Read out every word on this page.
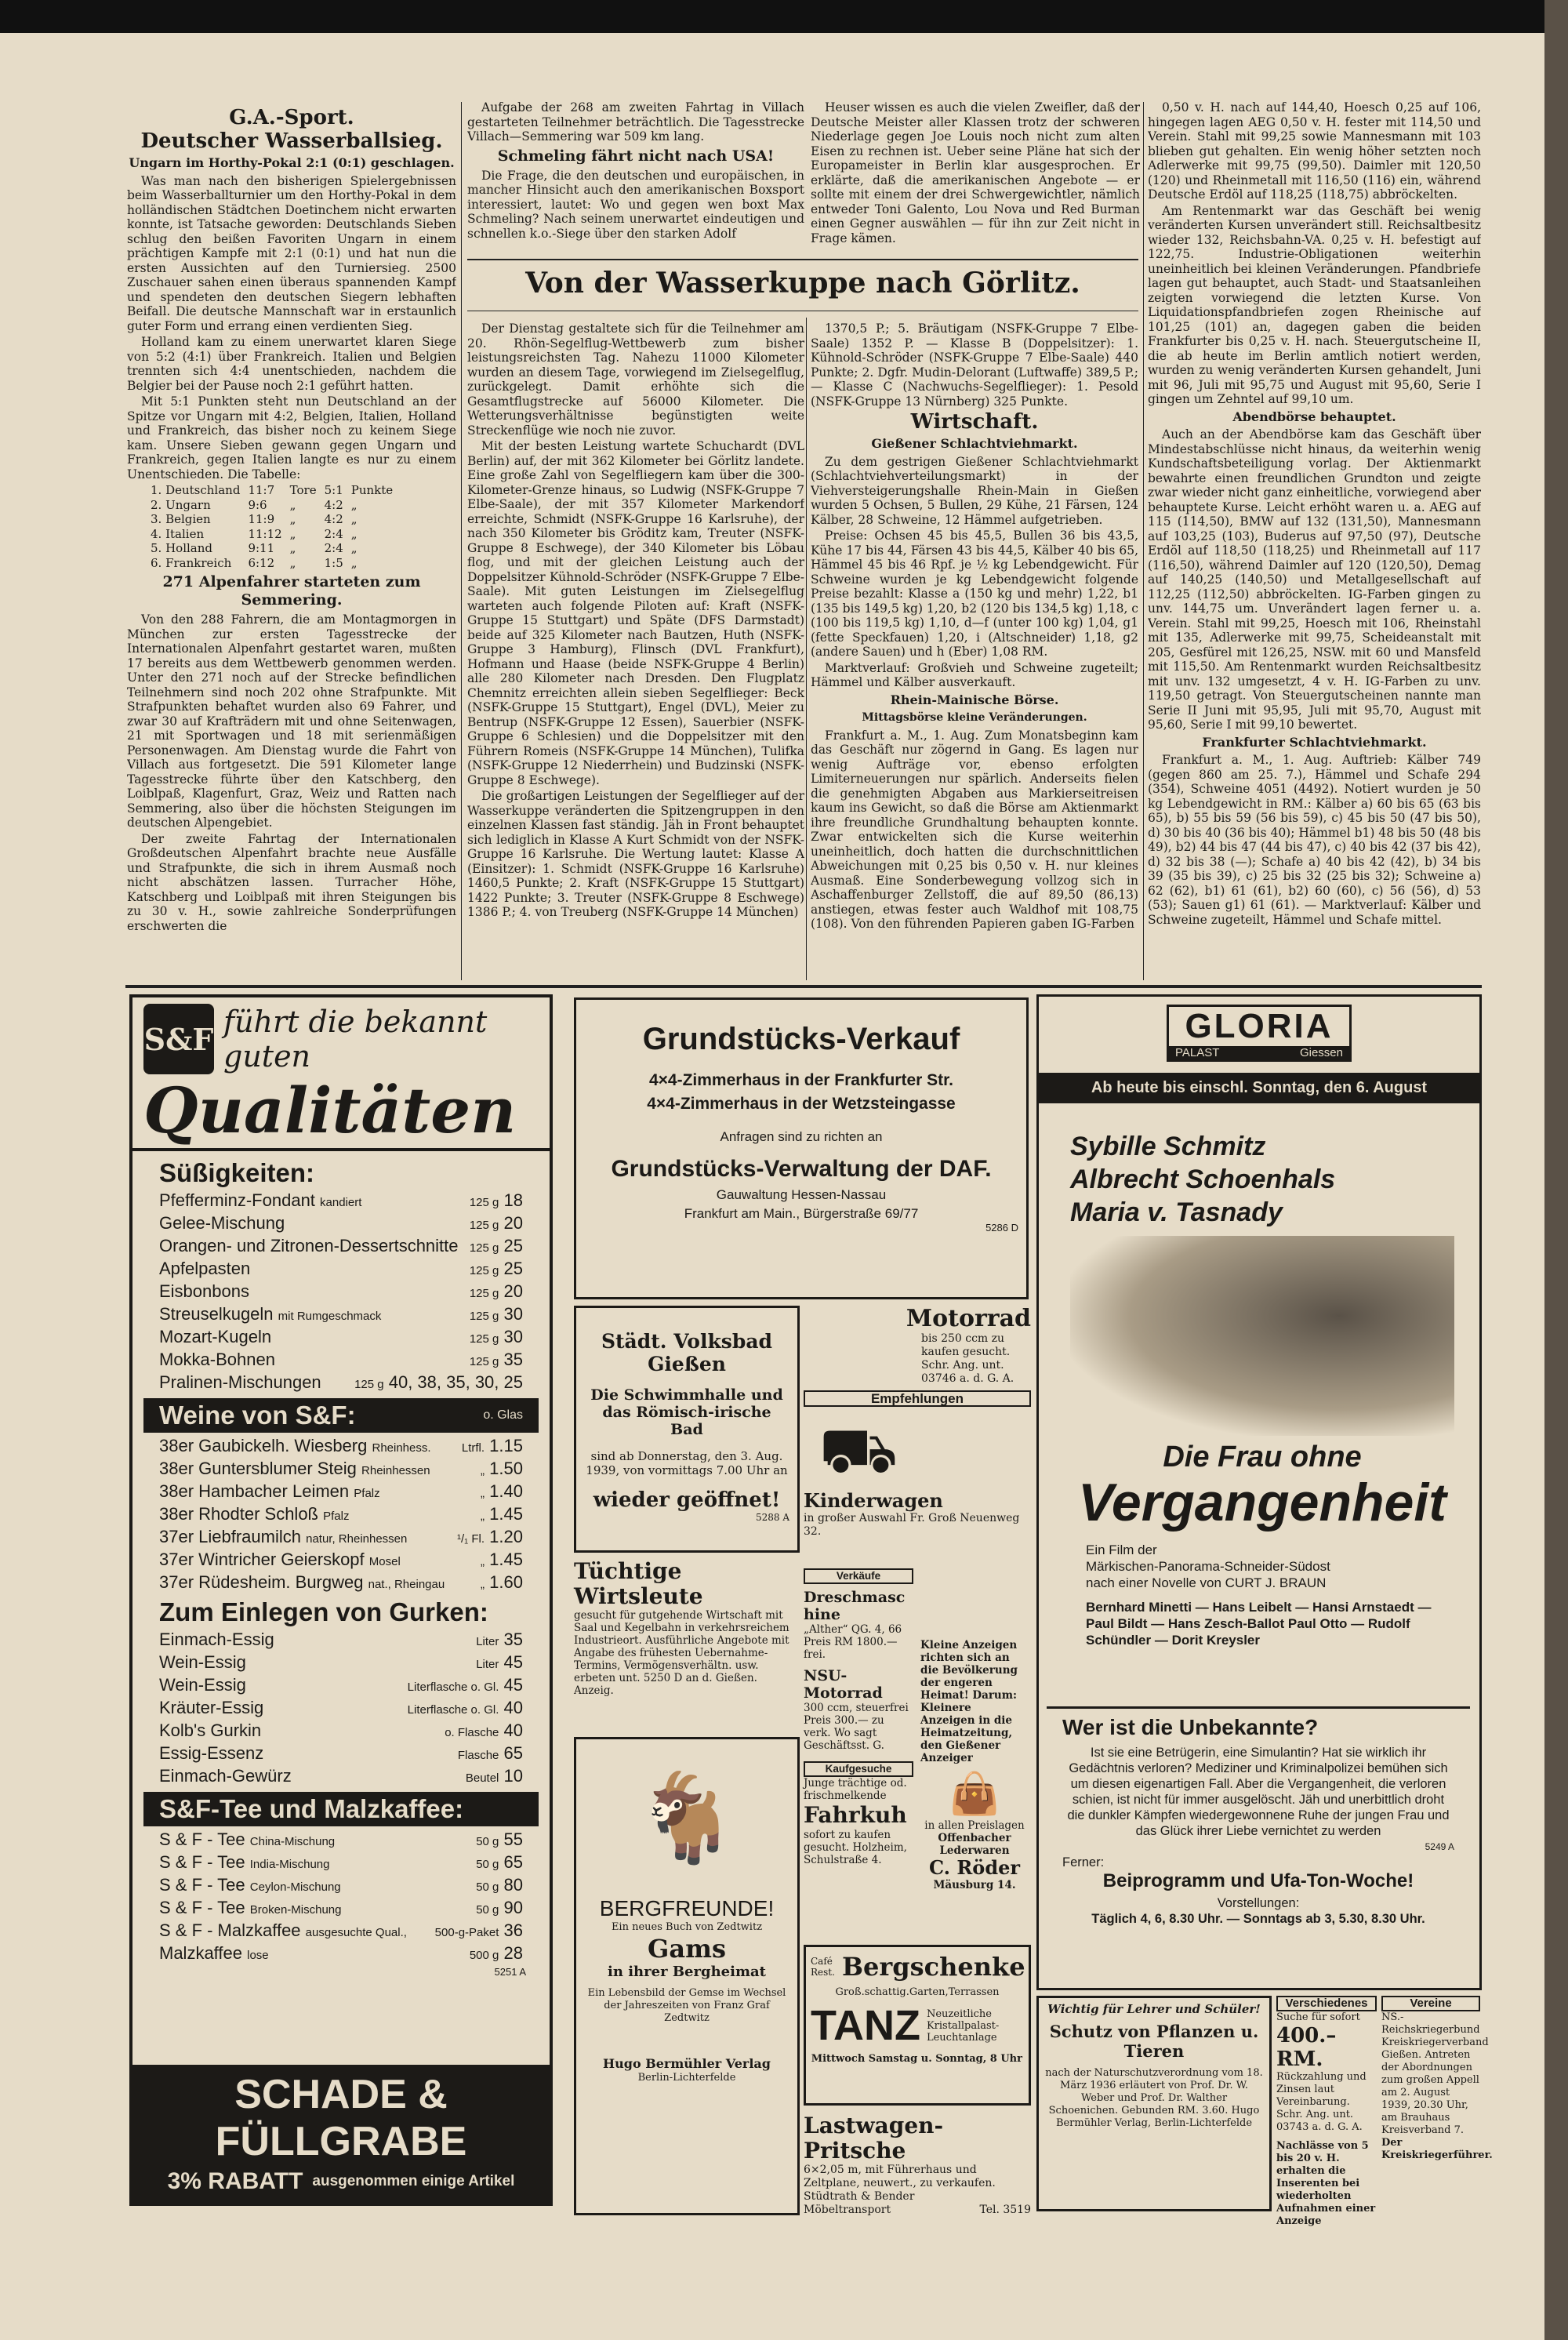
G.A.-Sport.
Deutscher Wasserballsieg.
Ungarn im Horthy-Pokal 2:1 (0:1) geschlagen.

Was man nach den bisherigen Spielergebnissen beim Wasserballturnier um den Horthy-Pokal in dem holländischen Städtchen Doetinchem nicht erwarten konnte, ist Tatsache geworden: Deutschlands Sieben schlug den beißen Favoriten Ungarn in einem prächtigen Kampfe mit 2:1 (0:1) und hat nun die ersten Aussichten auf den Turniersieg. 2500 Zuschauer sahen einen überaus spannenden Kampf und spendeten den deutschen Siegern lebhaften Beifall. Die deutsche Mannschaft war in erstaunlich guter Form und errang einen verdienten Sieg.

Holland kam zu einem unerwartet klaren Siege von 5:2 (4:1) über Frankreich. Italien und Belgien trennten sich 4:4 unentschieden, nachdem die Belgier bei der Pause noch 2:1 geführt hatten.

Mit 5:1 Punkten steht nun Deutschland an der Spitze vor Ungarn mit 4:2, Belgien, Italien, Holland und Frankreich, das bisher noch zu keinem Siege kam. Unsere Sieben gewann gegen Ungarn und Frankreich, gegen Italien langte es nur zu einem Unentschieden. Die Tabelle:

1. Deutschland	11:7	Tore	5:1	Punkte
2. Ungarn	9:6	„	4:2	„
3. Belgien	11:9	„	4:2	„
4. Italien	11:12	„	2:4	„
5. Holland	9:11	„	2:4	„
6. Frankreich	6:12	„	1:5	„
271 Alpenfahrer starteten zum Semmering.

Von den 288 Fahrern, die am Montagmorgen in München zur ersten Tagesstrecke der Internationalen Alpenfahrt gestartet waren, mußten 17 bereits aus dem Wettbewerb genommen werden. Unter den 271 noch auf der Strecke befindlichen Teilnehmern sind noch 202 ohne Strafpunkte. Mit Strafpunkten behaftet wurden also 69 Fahrer, und zwar 30 auf Krafträdern mit und ohne Seitenwagen, 21 mit Sportwagen und 18 mit serienmäßigen Personenwagen. Am Dienstag wurde die Fahrt von Villach aus fortgesetzt. Die 591 Kilometer lange Tagesstrecke führte über den Katschberg, den Loiblpaß, Klagenfurt, Graz, Weiz und Ratten nach Semmering, also über die höchsten Steigungen im deutschen Alpengebiet.

Der zweite Fahrtag der Internationalen Großdeutschen Alpenfahrt brachte neue Ausfälle und Strafpunkte, die sich in ihrem Ausmaß noch nicht abschätzen lassen. Turracher Höhe, Katschberg und Loiblpaß mit ihren Steigungen bis zu 30 v. H., sowie zahlreiche Sonderprüfungen erschwerten die

Aufgabe der 268 am zweiten Fahrtag in Villach gestarteten Teilnehmer beträchtlich. Die Tagesstrecke Villach—Semmering war 509 km lang.

Schmeling fährt nicht nach USA!

Die Frage, die den deutschen und europäischen, in mancher Hinsicht auch den amerikanischen Boxsport interessiert, lautet: Wo und gegen wen boxt Max Schmeling? Nach seinem unerwartet eindeutigen und schnellen k.o.-Siege über den starken Adolf

Heuser wissen es auch die vielen Zweifler, daß der Deutsche Meister aller Klassen trotz der schweren Niederlage gegen Joe Louis noch nicht zum alten Eisen zu rechnen ist. Ueber seine Pläne hat sich der Europameister in Berlin klar ausgesprochen. Er erklärte, daß die amerikanischen Angebote — er sollte mit einem der drei Schwergewichtler, nämlich entweder Toni Galento, Lou Nova und Red Burman einen Gegner auswählen — für ihn zur Zeit nicht in Frage kämen.

Von der Wasserkuppe nach Görlitz.

Der Dienstag gestaltete sich für die Teilnehmer am 20. Rhön-Segelflug-Wettbewerb zum bisher leistungsreichsten Tag. Nahezu 11000 Kilometer wurden an diesem Tage, vorwiegend im Zielsegelflug, zurückgelegt. Damit erhöhte sich die Gesamtflugstrecke auf 56000 Kilometer. Die Wetterungsverhältnisse begünstigten weite Streckenflüge wie noch nie zuvor.

Mit der besten Leistung wartete Schuchardt (DVL Berlin) auf, der mit 362 Kilometer bei Görlitz landete. Eine große Zahl von Segelfliegern kam über die 300-Kilometer-Grenze hinaus, so Ludwig (NSFK-Gruppe 7 Elbe-Saale), der mit 357 Kilometer Markendorf erreichte, Schmidt (NSFK-Gruppe 16 Karlsruhe), der nach 350 Kilometer bis Gröditz kam, Treuter (NSFK-Gruppe 8 Eschwege), der 340 Kilometer bis Löbau flog, und mit der gleichen Leistung auch der Doppelsitzer Kühnold-Schröder (NSFK-Gruppe 7 Elbe-Saale). Mit guten Leistungen im Zielsegelflug warteten auch folgende Piloten auf: Kraft (NSFK-Gruppe 15 Stuttgart) und Späte (DFS Darmstadt) beide auf 325 Kilometer nach Bautzen, Huth (NSFK-Gruppe 3 Hamburg), Flinsch (DVL Frankfurt), Hofmann und Haase (beide NSFK-Gruppe 4 Berlin) alle 280 Kilometer nach Dresden. Den Flugplatz Chemnitz erreichten allein sieben Segelflieger: Beck (NSFK-Gruppe 15 Stuttgart), Engel (DVL), Meier zu Bentrup (NSFK-Gruppe 12 Essen), Sauerbier (NSFK-Gruppe 6 Schlesien) und die Doppelsitzer mit den Führern Romeis (NSFK-Gruppe 14 München), Tulifka (NSFK-Gruppe 12 Niederrhein) und Budzinski (NSFK-Gruppe 8 Eschwege).

Die großartigen Leistungen der Segelflieger auf der Wasserkuppe veränderten die Spitzengruppen in den einzelnen Klassen fast ständig. Jäh in Front behauptet sich lediglich in Klasse A Kurt Schmidt von der NSFK-Gruppe 16 Karlsruhe. Die Wertung lautet: Klasse A (Einsitzer): 1. Schmidt (NSFK-Gruppe 16 Karlsruhe) 1460,5 Punkte; 2. Kraft (NSFK-Gruppe 15 Stuttgart) 1422 Punkte; 3. Treuter (NSFK-Gruppe 8 Eschwege) 1386 P.; 4. von Treuberg (NSFK-Gruppe 14 München)

1370,5 P.; 5. Bräutigam (NSFK-Gruppe 7 Elbe-Saale) 1352 P. — Klasse B (Doppelsitzer): 1. Kühnold-Schröder (NSFK-Gruppe 7 Elbe-Saale) 440 Punkte; 2. Dgfr. Mudin-Delorant (Luftwaffe) 389,5 P.; — Klasse C (Nachwuchs-Segelflieger): 1. Pesold (NSFK-Gruppe 13 Nürnberg) 325 Punkte.

Wirtschaft.
Gießener Schlachtviehmarkt.

Zu dem gestrigen Gießener Schlachtviehmarkt (Schlachtviehverteilungsmarkt) in der Viehversteigerungshalle Rhein-Main in Gießen wurden 5 Ochsen, 5 Bullen, 29 Kühe, 21 Färsen, 124 Kälber, 28 Schweine, 12 Hämmel aufgetrieben.

Preise: Ochsen 45 bis 45,5, Bullen 36 bis 43,5, Kühe 17 bis 44, Färsen 43 bis 44,5, Kälber 40 bis 65, Hämmel 45 bis 46 Rpf. je ½ kg Lebendgewicht. Für Schweine wurden je kg Lebendgewicht folgende Preise bezahlt: Klasse a (150 kg und mehr) 1,22, b1 (135 bis 149,5 kg) 1,20, b2 (120 bis 134,5 kg) 1,18, c (100 bis 119,5 kg) 1,10, d—f (unter 100 kg) 1,04, g1 (fette Speckfauen) 1,20, i (Altschneider) 1,18, g2 (andere Sauen) und h (Eber) 1,08 RM.

Marktverlauf: Großvieh und Schweine zugeteilt; Hämmel und Kälber ausverkauft.

Rhein-Mainische Börse.
Mittagsbörse kleine Veränderungen.

Frankfurt a. M., 1. Aug. Zum Monatsbeginn kam das Geschäft nur zögernd in Gang. Es lagen nur wenig Aufträge vor, ebenso erfolgten Limiterneuerungen nur spärlich. Anderseits fielen die genehmigten Abgaben aus Markierseitreisen kaum ins Gewicht, so daß die Börse am Aktienmarkt ihre freundliche Grundhaltung behaupten konnte. Zwar entwickelten sich die Kurse weiterhin uneinheitlich, doch hatten die durchschnittlichen Abweichungen mit 0,25 bis 0,50 v. H. nur kleines Ausmaß. Eine Sonderbewegung vollzog sich in Aschaffenburger Zellstoff, die auf 89,50 (86,13) anstiegen, etwas fester auch Waldhof mit 108,75 (108). Von den führenden Papieren gaben IG-Farben

0,50 v. H. nach auf 144,40, Hoesch 0,25 auf 106, hingegen lagen AEG 0,50 v. H. fester mit 114,50 und Verein. Stahl mit 99,25 sowie Mannesmann mit 103 blieben gut gehalten. Ein wenig höher setzten noch Adlerwerke mit 99,75 (99,50). Daimler mit 120,50 (120) und Rheinmetall mit 116,50 (116) ein, während Deutsche Erdöl auf 118,25 (118,75) abbröckelten.

Am Rentenmarkt war das Geschäft bei wenig veränderten Kursen unverändert still. Reichsaltbesitz wieder 132, Reichsbahn-VA. 0,25 v. H. befestigt auf 122,75. Industrie-Obligationen weiterhin uneinheitlich bei kleinen Veränderungen. Pfandbriefe lagen gut behauptet, auch Stadt- und Staatsanleihen zeigten vorwiegend die letzten Kurse. Von Liquidationspfandbriefen zogen Rheinische auf 101,25 (101) an, dagegen gaben die beiden Frankfurter bis 0,25 v. H. nach. Steuergutscheine II, die ab heute im Berlin amtlich notiert werden, wurden zu wenig veränderten Kursen gehandelt, Juni mit 96, Juli mit 95,75 und August mit 95,60, Serie I gingen um Zehntel auf 99,10 um.

Abendbörse behauptet.

Auch an der Abendbörse kam das Geschäft über Mindestabschlüsse nicht hinaus, da weiterhin wenig Kundschaftsbeteiligung vorlag. Der Aktienmarkt bewahrte einen freundlichen Grundton und zeigte zwar wieder nicht ganz einheitliche, vorwiegend aber behauptete Kurse. Leicht erhöht waren u. a. AEG auf 115 (114,50), BMW auf 132 (131,50), Mannesmann auf 103,25 (103), Buderus auf 97,50 (97), Deutsche Erdöl auf 118,50 (118,25) und Rheinmetall auf 117 (116,50), während Daimler auf 120 (120,50), Demag auf 140,25 (140,50) und Metallgesellschaft auf 112,25 (112,50) abbröckelten. IG-Farben gingen zu unv. 144,75 um. Unverändert lagen ferner u. a. Verein. Stahl mit 99,25, Hoesch mit 106, Rheinstahl mit 135, Adlerwerke mit 99,75, Scheideanstalt mit 205, Gesfürel mit 126,25, NSW. mit 60 und Mansfeld mit 115,50. Am Rentenmarkt wurden Reichsaltbesitz mit unv. 132 umgesetzt, 4 v. H. IG-Farben zu unv. 119,50 getragt. Von Steuergutscheinen nannte man Serie II Juni mit 95,95, Juli mit 95,70, August mit 95,60, Serie I mit 99,10 bewertet.

Frankfurter Schlachtviehmarkt.

Frankfurt a. M., 1. Aug. Auftrieb: Kälber 749 (gegen 860 am 25. 7.), Hämmel und Schafe 294 (354), Schweine 4051 (4492). Notiert wurden je 50 kg Lebendgewicht in RM.: Kälber a) 60 bis 65 (63 bis 65), b) 55 bis 59 (56 bis 59), c) 45 bis 50 (47 bis 50), d) 30 bis 40 (36 bis 40); Hämmel b1) 48 bis 50 (48 bis 49), b2) 44 bis 47 (44 bis 47), c) 40 bis 42 (37 bis 42), d) 32 bis 38 (—); Schafe a) 40 bis 42 (42), b) 34 bis 39 (35 bis 39), c) 25 bis 32 (25 bis 32); Schweine a) 62 (62), b1) 61 (61), b2) 60 (60), c) 56 (56), d) 53 (53); Sauen g1) 61 (61). — Marktverlauf: Kälber und Schweine zugeteilt, Hämmel und Schafe mittel.

S&F führt die bekannt guten
Qualitäten
Süßigkeiten:
Pfefferminz-Fondant kandiert	125 g 18
Gelee-Mischung	125 g 20
Orangen- und Zitronen-Dessertschnitte 125 g 25
Apfelpasten	125 g 25
Eisbonbons	125 g 20
Streuselkugeln mit Rumgeschmack	125 g 30
Mozart-Kugeln	125 g 30
Mokka-Bohnen	125 g 35
Pralinen-Mischungen	125 g 40, 38, 35, 30, 25
Weine von S&F:	o. Glas
38er Gaubickelh. Wiesberg Rheinhess.	Ltrfl. 1.15
38er Guntersblumer Steig Rheinhessen	„ 1.50
38er Hambacher Leimen Pfalz	„ 1.40
38er Rhodter Schloß Pfalz	„ 1.45
37er Liebfraumilch natur, Rheinhessen	¹/₁ Fl. 1.20
37er Wintricher Geierskopf Mosel	„ 1.45
37er Rüdesheim. Burgweg nat., Rheingau	„ 1.60
Zum Einlegen von Gurken:
Einmach-Essig	Liter 35
Wein-Essig	Liter 45
Wein-Essig	Literflasche o. Gl. 45
Kräuter-Essig	Literflasche o. Gl. 40
Kolb's Gurkin	o. Flasche 40
Essig-Essenz	Flasche 65
Einmach-Gewürz	Beutel 10
S&F-Tee und Malzkaffee:
S & F - Tee China-Mischung	50 g 55
S & F - Tee India-Mischung	50 g 65
S & F - Tee Ceylon-Mischung	50 g 80
S & F - Tee Broken-Mischung	50 g 90
S & F - Malzkaffee ausgesuchte Qual., 500-g-Paket 36
Malzkaffee lose	500 g 28
5251 A
SCHADE & FÜLLGRABE
3% RABATT ausgenommen einige Artikel
Grundstücks-Verkauf
4×4-Zimmerhaus in der Frankfurter Str.
4×4-Zimmerhaus in der Wetzsteingasse
Anfragen sind zu richten an
Grundstücks-Verwaltung der DAF.
Gauwaltung Hessen-Nassau
Frankfurt am Main., Bürgerstraße 69/77
5286 D
Städt. Volksbad Gießen
Die Schwimmhalle und das Römisch-irische Bad
sind ab Donnerstag, den 3. Aug. 1939, von vormittags 7.00 Uhr an
wieder geöffnet!
5288 A
Motorrad
bis 250 ccm zu kaufen gesucht. Schr. Ang. unt. 03746 a. d. G. A.
Empfehlungen
⛟
Kinderwagen
in großer Auswahl Fr. Groß Neuenweg 32.
Verkäufe
Dreschmaschine
„Alther“ QG. 4, 66 Preis RM 1800.— frei.
NSU-Motorrad
300 ccm, steuerfrei Preis 300.— zu verk. Wo sagt Geschäftsst. G.
Kaufgesuche
Junge trächtige od. frischmelkende
Fahrkuh
sofort zu kaufen gesucht. Holzheim, Schulstraße 4.
Kleine Anzeigen richten sich an die Bevölkerung der engeren Heimat! Darum: Kleinere Anzeigen in die Heimatzeitung, den Gießener Anzeiger
👜
in allen Preislagen
Offenbacher Lederwaren
C. Röder
Mäusburg 14.
Tüchtige Wirtsleute
gesucht für gutgehende Wirtschaft mit Saal und Kegelbahn in verkehrsreichem Industrieort. Ausführliche Angebote mit Angabe des frühesten Uebernahme-Termins, Vermögensverhältn. usw. erbeten unt. 5250 D an d. Gießen. Anzeig.
🐐
BERGFREUNDE!
Ein neues Buch von Zedtwitz
Gams
in ihrer Bergheimat
Ein Lebensbild der Gemse im Wechsel der Jahreszeiten von Franz Graf Zedtwitz
Hugo Bermühler Verlag
Berlin-Lichterfelde
Café Rest. Bergschenke
Groß.schattig.Garten,Terrassen
TANZ Neuzeitliche Kristallpalast-Leuchtanlage
Mittwoch Samstag u. Sonntag, 8 Uhr
Lastwagen-Pritsche
6×2,05 m, mit Führerhaus und Zeltplane, neuwert., zu verkaufen. Stüdtrath & Bender
Möbeltransport	Tel. 3519
GLORIA
PALAST	Giessen
Ab heute bis einschl. Sonntag, den 6. August
Sybille Schmitz
Albrecht Schoenhals
Maria v. Tasnady
Die Frau ohne
Vergangenheit
Ein Film der
Märkischen-Panorama-Schneider-Südost
nach einer Novelle von CURT J. BRAUN
Bernhard Minetti — Hans Leibelt — Hansi Arnstaedt — Paul Bildt — Hans Zesch-Ballot Paul Otto — Rudolf Schündler — Dorit Kreysler
Wer ist die Unbekannte?
Ist sie eine Betrügerin, eine Simulantin? Hat sie wirklich ihr Gedächtnis verloren? Mediziner und Kriminalpolizei bemühen sich um diesen eigenartigen Fall. Aber die Vergangenheit, die verloren schien, ist nicht für immer ausgelöscht. Jäh und unerbittlich droht die dunkler Kämpfen wiedergewonnene Ruhe der jungen Frau und das Glück ihrer Liebe vernichtet zu werden
5249 A
Ferner:
Beiprogramm und Ufa-Ton-Woche!
Vorstellungen:
Täglich 4, 6, 8.30 Uhr. — Sonntags ab 3, 5.30, 8.30 Uhr.
Wichtig für Lehrer und Schüler!
Schutz von Pflanzen u. Tieren
nach der Naturschutzverordnung vom 18. März 1936 erläutert von Prof. Dr. W. Weber und Prof. Dr. Walther Schoenichen. Gebunden RM. 3.60. Hugo Bermühler Verlag, Berlin-Lichterfelde
Verschiedenes
Suche für sofort
400.– RM.
Rückzahlung und Zinsen laut Vereinbarung. Schr. Ang. unt. 03743 a. d. G. A.
Nachlässe von 5 bis 20 v. H. erhalten die Inserenten bei wiederholten Aufnahmen einer Anzeige
Vereine
NS.-Reichskriegerbund Kreiskriegerverband Gießen. Antreten der Abordnungen zum großen Appell am 2. August 1939, 20.30 Uhr, am Brauhaus Kreisverband 7.
Der Kreiskriegerführer.
